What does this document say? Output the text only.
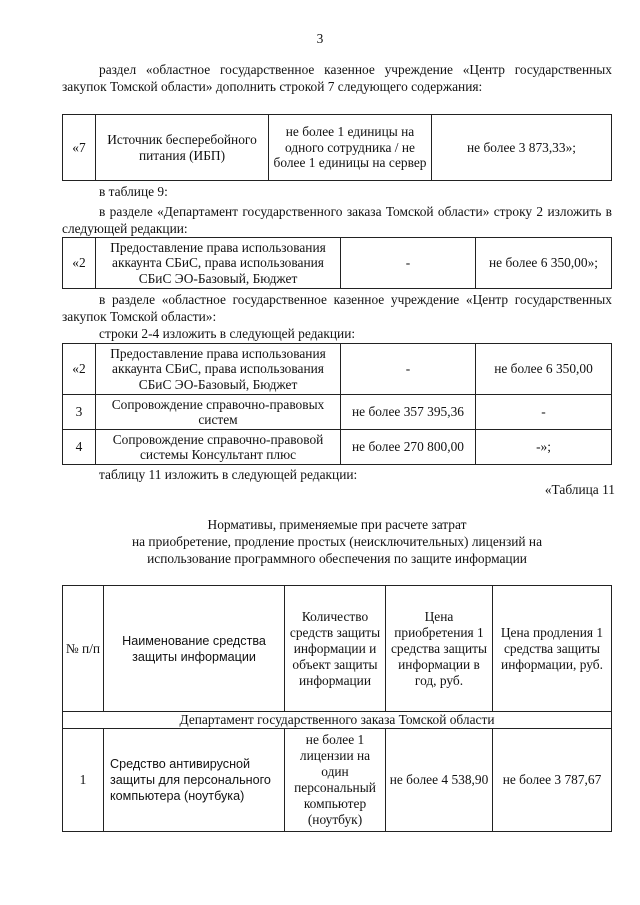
3
раздел «областное государственное казенное учреждение «Центр государственных закупок Томской области» дополнить строкой 7 следующего содержания:
«7	Источник бесперебойного питания (ИБП)	не более 1 единицы на одного сотрудника / не более 1 единицы на сервер	не более 3 873,33»;
в таблице 9:
в разделе «Департамент государственного заказа Томской области» строку 2 изложить в следующей редакции:
«2	Предоставление права использования аккаунта СБиС, права использования СБиС ЭО-Базовый, Бюджет	-	не более 6 350,00»;
в разделе «областное государственное казенное учреждение «Центр государственных закупок Томской области»:
строки 2-4 изложить в следующей редакции:
«2	Предоставление права использования аккаунта СБиС, права использования СБиС ЭО-Базовый, Бюджет	-	не более 6 350,00
3	Сопровождение справочно-правовых систем	не более 357 395,36	-
4	Сопровождение справочно-правовой системы Консультант плюс	не более 270 800,00	-»;
таблицу 11 изложить в следующей редакции:
«Таблица 11
Нормативы, применяемые при расчете затрат
на приобретение, продление простых (неисключительных) лицензий на
использование программного обеспечения по защите информации
№ п/п	Наименование средства защиты информации	Количество средств защиты информации и объект защиты информации	Цена приобретения 1 средства защиты информации в год, руб.	Цена продления 1 средства защиты информации, руб.
Департамент государственного заказа Томской области				
1	Средство антивирусной защиты для персонального компьютера (ноутбука)	не более 1 лицензии на один персональный компьютер (ноутбук)	не более 4 538,90	не более 3 787,67
